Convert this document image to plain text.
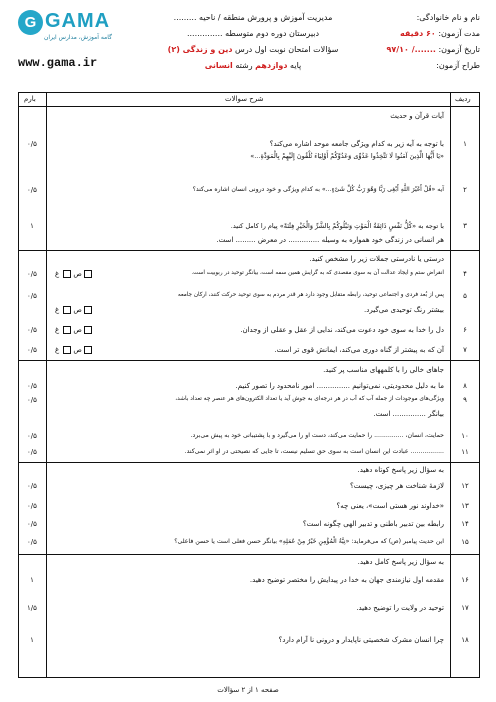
G GAMA
گامه آموزش، مدارس ایران
www.gama.ir
مدیریت آموزش و پرورش منطقه / ناحیه .........
دبیرستان دوره دوم متوسطه ..............
سؤالات امتحان نوبت اول درس دین و زندگی (۲)
پایه دوازدهم رشته انسانی
نام و نام خانوادگی:
مدت آزمون: ۶۰ دقیقه
تاریخ آزمون: ......./ ۹۷/۱۰
طراح آزمون:
ردیف
شرح سوالات
بارم
آیات قرآن و حدیث
۱
۰/۵	با توجه به آیه زیر به کدام ویژگی جامعه موحد اشاره می‌کند؟
«یَا أَیُّهَا الَّذِینَ آمَنُوا لَا تَتَّخِذُوا عَدُوِّی وَعَدُوَّکُمْ أَوْلِیَاءَ تُلْقُونَ إِلَیْهِمْ بِالْمَوَدَّةِ...»
۲
۰/۵	آیه «قُلْ أَغَیْرَ اللَّهِ أَبْغِی رَبًّا وَهُوَ رَبُّ کُلِّ شَیْءٍ...» به کدام ویژگی و خود درونی انسان اشاره می‌کند؟
۳
۱	با توجه به «کُلُّ نَفْسٍ ذَائِقَةُ الْمَوْتِ وَنَبْلُوکُمْ بِالشَّرِّ وَالْخَیْرِ فِتْنَةً» پیام را کامل کنید.
هر انسانی در زندگی خود همواره به وسیله .............. در معرض ......... است.
درستی یا نادرستی جملات زیر را مشخص کنید.
۴
۰/۵	انقراض ستم و ایجاد عدالت آن به سوی مقصدی که به گرایش همین سمه است، بیانگر توحید در ربوبیت است.
ص غ
۵
۰/۵	پس از بُعد فردی و اجتماعی توحید، رابطه متقابل وجود دارد هر قدر مردم به سوی توحید حرکت کنند، ارکان جامعه
بیشتر رنگ توحیدی می‌گیرد.
ص غ
۶
۰/۵	دل را خدا به سوی خود دعوت می‌کند، ندایی از عقل و عقلی از وجدان.
ص غ
۷
۰/۵	آن که به پیشتر از گناه دوری می‌کند، ایمانش قوی تر است.
ص غ
جاهای خالی را با کلمههای مناسب پر کنید.
۸
۰/۵	ما به دلیل محدودیتی، نمی‌توانیم ............... امور نامحدود را تصور کنیم.
۹
۰/۵	ویژگی‌های موجودات از جمله آب که آب در هر درجه‌ای به جوش آید یا تعداد الکترون‌های هر عنصر چه تعداد باشد،
بیانگر ............... است.
۱۰
۰/۵	حمایت، انسان، ............... را حمایت می‌کند، دست او را می‌گیرد و با پشتیبانی خود به پیش می‌برد.
۱۱
۰/۵	................. عبادت این انسان است به سوی حق تسلیم نیست، تا جایی که نصیحتی در او اثر نمی‌کند.
به سؤال زیر پاسخ کوتاه دهید.
۱۲
۰/۵	لازمهٔ شناخت هر چیزی، چیست؟
۱۳
۰/۵	«خداوند نور هستی است»، یعنی چه؟
۱۴
۰/۵	رابطه بین تدبیر باطنی و تدبیر الهی چگونه است؟
۱۵
۰/۵	این حدیث پیامبر (ص) که می‌فرماید: «نِيَّةُ الْمُؤْمِنِ خَيْرٌ مِنْ عَمَلِهِ» بیانگر حسن فعلی است یا حسن فاعلی؟
به سؤال زیر پاسخ کامل دهید.
۱۶
۱	مقدمه اول نیازمندی جهان به خدا در پیدایش را مختصر توضیح دهید.
۱۷
۱/۵	توحید در ولایت را توضیح دهید.
۱۸
۱	چرا انسان مشرک شخصیتی ناپایدار و درونی نا آرام دارد؟
صفحه ۱ از ۲ سؤالات
